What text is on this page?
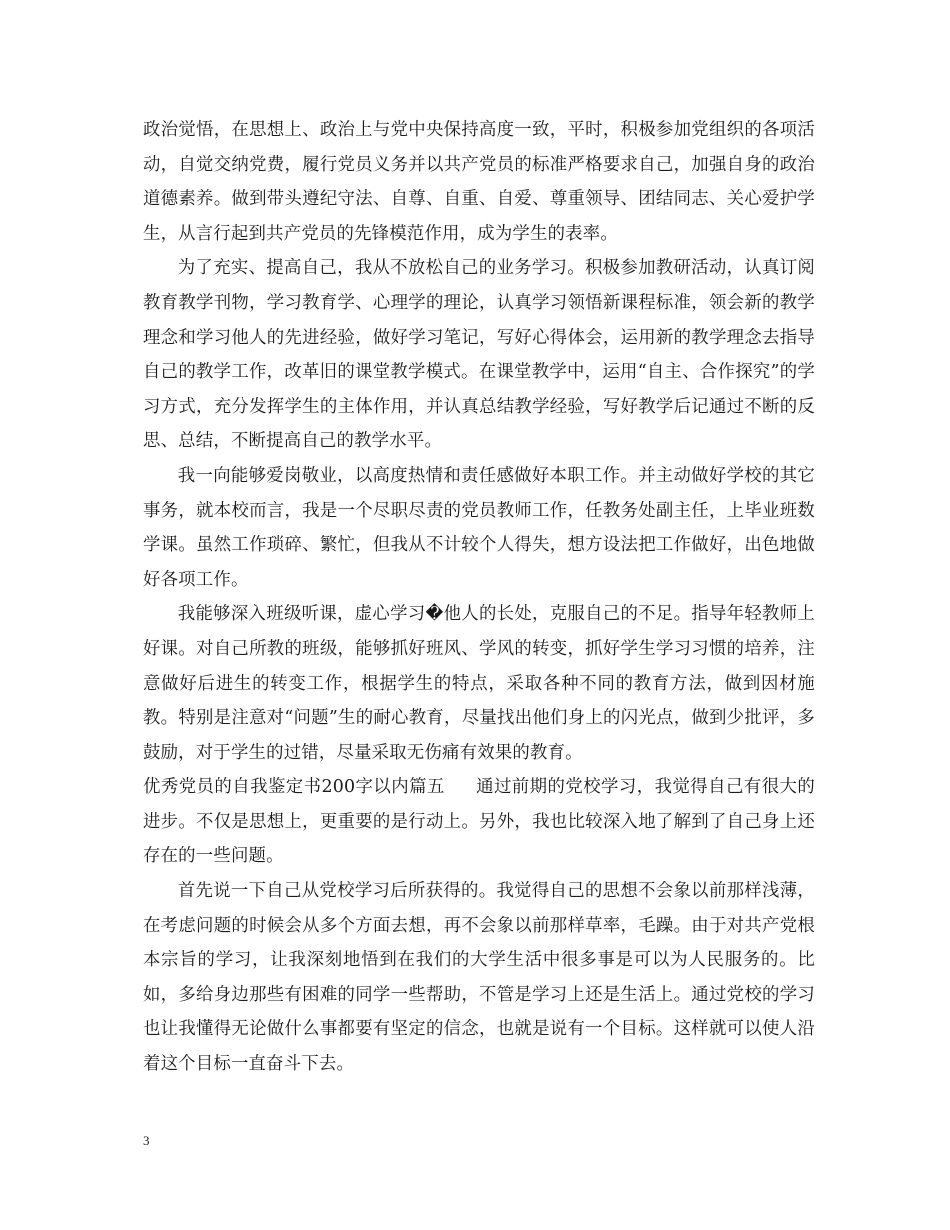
政治觉悟，在思想上、政治上与党中央保持高度一致，平时，积极参加党组织的各项活动，自觉交纳党费，履行党员义务并以共产党员的标准严格要求自己，加强自身的政治道德素养。做到带头遵纪守法、自尊、自重、自爱、尊重领导、团结同志、关心爱护学生，从言行起到共产党员的先锋模范作用，成为学生的表率。

为了充实、提高自己，我从不放松自己的业务学习。积极参加教研活动，认真订阅教育教学刊物，学习教育学、心理学的理论，认真学习领悟新课程标准，领会新的教学理念和学习他人的先进经验，做好学习笔记，写好心得体会，运用新的教学理念去指导自己的教学工作，改革旧的课堂教学模式。在课堂教学中，运用“自主、合作探究”的学习方式，充分发挥学生的主体作用，并认真总结教学经验，写好教学后记通过不断的反思、总结，不断提高自己的教学水平。

我一向能够爱岗敬业，以高度热情和责任感做好本职工作。并主动做好学校的其它事务，就本校而言，我是一个尽职尽责的党员教师工作，任教务处副主任，上毕业班数学课。虽然工作琐碎、繁忙，但我从不计较个人得失，想方设法把工作做好，出色地做好各项工作。

我能够深入班级听课，虚心学习�他人的长处，克服自己的不足。指导年轻教师上好课。对自己所教的班级，能够抓好班风、学风的转变，抓好学生学习习惯的培养，注意做好后进生的转变工作，根据学生的特点，采取各种不同的教育方法，做到因材施教。特别是注意对“问题”生的耐心教育，尽量找出他们身上的闪光点，做到少批评，多鼓励，对于学生的过错，尽量采取无伤痛有效果的教育。

优秀党员的自我鉴定书200字以内篇五 通过前期的党校学习，我觉得自己有很大的进步。不仅是思想上，更重要的是行动上。另外，我也比较深入地了解到了自己身上还存在的一些问题。

首先说一下自己从党校学习后所获得的。我觉得自己的思想不会象以前那样浅薄，在考虑问题的时候会从多个方面去想，再不会象以前那样草率，毛躁。由于对共产党根本宗旨的学习，让我深刻地悟到在我们的大学生活中很多事是可以为人民服务的。比如，多给身边那些有困难的同学一些帮助，不管是学习上还是生活上。通过党校的学习也让我懂得无论做什么事都要有坚定的信念，也就是说有一个目标。这样就可以使人沿着这个目标一直奋斗下去。

3
